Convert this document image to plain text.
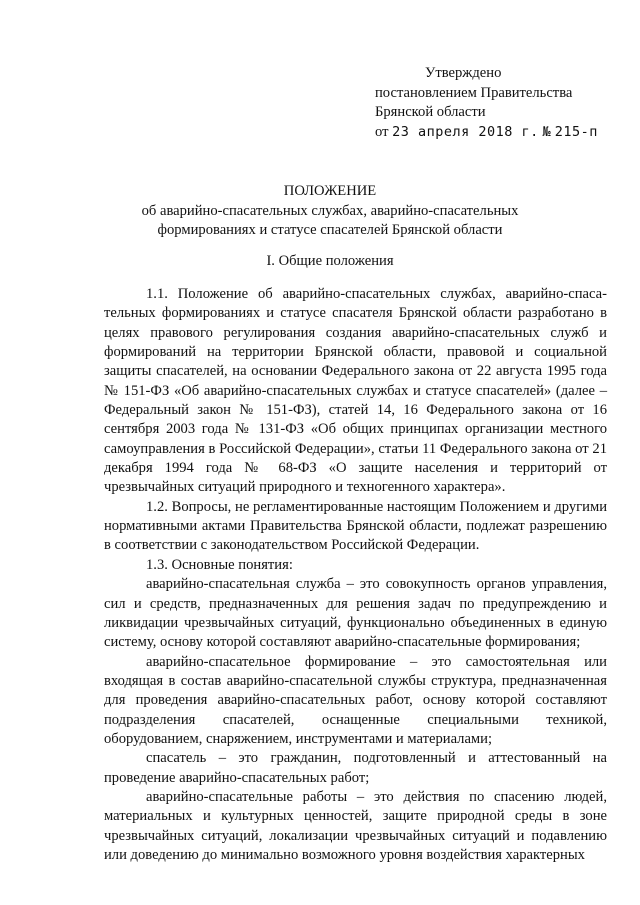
Утверждено
постановлением Правительства
Брянской области
от 23 апреля 2018 г. № 215-п
ПОЛОЖЕНИЕ
об аварийно-спасательных службах, аварийно-спасательных
формированиях и статусе спасателей Брянской области
I. Общие положения

1.1. Положение об аварийно-спасательных службах, аварийно-спасательных формированиях и статусе спасателя Брянской области разработано в целях правового регулирования создания аварийно-спасательных служб и формирований на территории Брянской области, правовой и социальной защиты спасателей, на основании Федерального закона от 22 августа 1995 года № 151-ФЗ «Об аварийно-спасательных службах и статусе спасателей» (далее – Федеральный закон № 151-ФЗ), статей 14, 16 Федерального закона от 16 сентября 2003 года № 131-ФЗ «Об общих принципах организации местного самоуправления в Российской Федерации», статьи 11 Федерального закона от 21 декабря 1994 года № 68-ФЗ «О защите населения и территорий от чрезвычайных ситуаций природного и техногенного характера».

1.2. Вопросы, не регламентированные настоящим Положением и другими нормативными актами Правительства Брянской области, подлежат разрешению в соответствии с законодательством Российской Федерации.

1.3. Основные понятия:

аварийно-спасательная служба – это совокупность органов управления, сил и средств, предназначенных для решения задач по предупреждению и ликвидации чрезвычайных ситуаций, функционально объединенных в единую систему, основу которой составляют аварийно-спасательные формирования;

аварийно-спасательное формирование – это самостоятельная или входящая в состав аварийно-спасательной службы структура, предназначенная для проведения аварийно-спасательных работ, основу которой составляют подразделения спасателей, оснащенные специальными техникой, оборудованием, снаряжением, инструментами и материалами;

спасатель – это гражданин, подготовленный и аттестованный на проведение аварийно-спасательных работ;

аварийно-спасательные работы – это действия по спасению людей, материальных и культурных ценностей, защите природной среды в зоне чрезвычайных ситуаций, локализации чрезвычайных ситуаций и подавлению или доведению до минимально возможного уровня воздействия характерных
